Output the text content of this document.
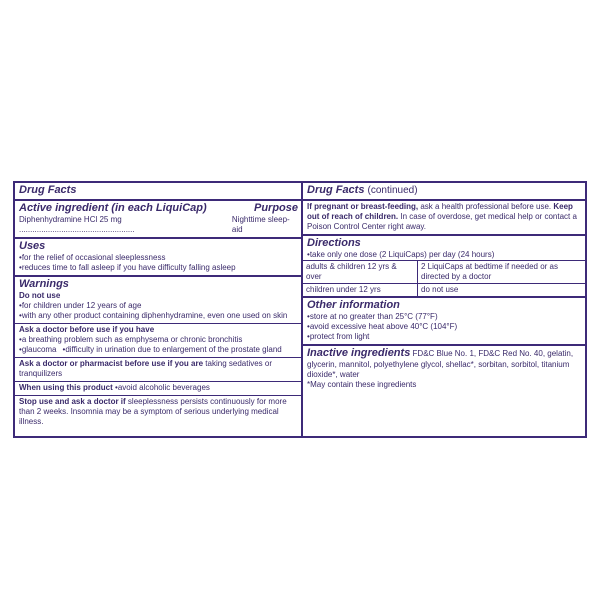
Drug Facts
Active ingredient (in each LiquiCap)	Purpose
Diphenhydramine HCl 25 mg ....................................................
Nighttime sleep-aid
Uses
• for the relief of occasional sleeplessness
• reduces time to fall asleep if you have difficulty falling asleep
Warnings
Do not use
• for children under 12 years of age
• with any other product containing diphenhydramine, even one used on skin
Ask a doctor before use if you have
• a breathing problem such as emphysema or chronic bronchitis
• glaucoma	• difficulty in urination due to enlargement of the prostate gland
Ask a doctor or pharmacist before use if you are taking sedatives or tranquilizers
When using this product • avoid alcoholic beverages
Stop use and ask a doctor if sleeplessness persists continuously for more than 2 weeks. Insomnia may be a symptom of serious underlying medical illness.
Drug Facts (continued)
If pregnant or breast-feeding, ask a health professional before use. Keep out of reach of children. In case of overdose, get medical help or contact a Poison Control Center right away.
Directions
• take only one dose (2 LiquiCaps) per day (24 hours)
adults & children 12 yrs & over	2 LiquiCaps at bedtime if needed or as directed by a doctor
children under 12 yrs	do not use
Other information
• store at no greater than 25°C (77°F)
• avoid excessive heat above 40°C (104°F)
• protect from light
Inactive ingredients FD&C Blue No. 1, FD&C Red No. 40, gelatin, glycerin, mannitol, polyethylene glycol, shellac*, sorbitan, sorbitol, titanium dioxide*, water
*May contain these ingredients
